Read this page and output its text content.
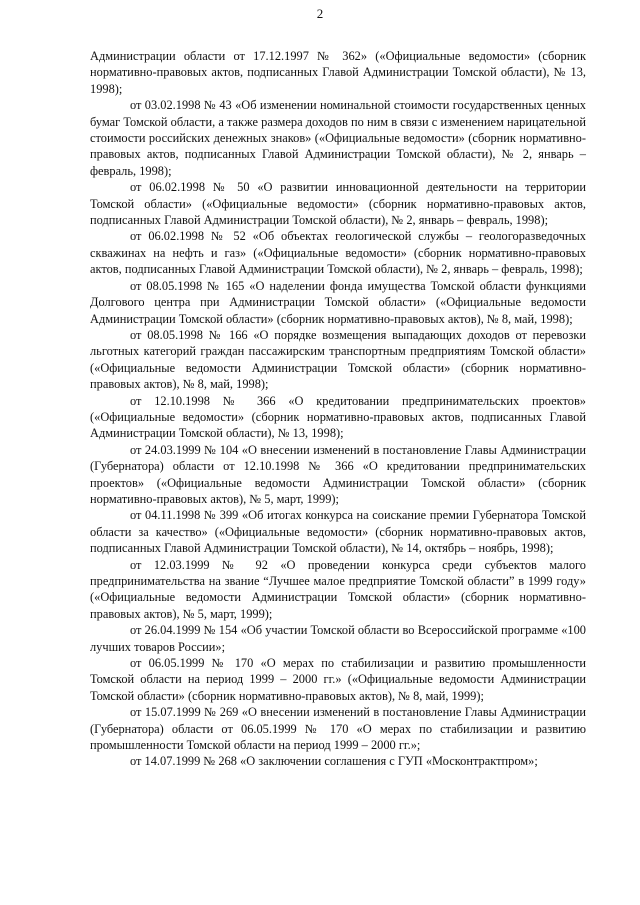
2

Администрации области от 17.12.1997 № 362» («Официальные ведомости» (сборник нормативно-правовых актов, подписанных Главой Администрации Томской области), № 13, 1998);

от 03.02.1998 № 43 «Об изменении номинальной стоимости государственных ценных бумаг Томской области, а также размера доходов по ним в связи с изменением нарицательной стоимости российских денежных знаков» («Официальные ведомости» (сборник нормативно-правовых актов, подписанных Главой Администрации Томской области), № 2, январь – февраль, 1998);

от 06.02.1998 № 50 «О развитии инновационной деятельности на территории Томской области» («Официальные ведомости» (сборник нормативно-правовых актов, подписанных Главой Администрации Томской области), № 2, январь – февраль, 1998);

от 06.02.1998 № 52 «Об объектах геологической службы – геологоразведочных скважинах на нефть и газ» («Официальные ведомости» (сборник нормативно-правовых актов, подписанных Главой Администрации Томской области), № 2, январь – февраль, 1998);

от 08.05.1998 № 165 «О наделении фонда имущества Томской области функциями Долгового центра при Администрации Томской области» («Официальные ведомости Администрации Томской области» (сборник нормативно-правовых актов), № 8, май, 1998);

от 08.05.1998 № 166 «О порядке возмещения выпадающих доходов от перевозки льготных категорий граждан пассажирским транспортным предприятиям Томской области» («Официальные ведомости Администрации Томской области» (сборник нормативно-правовых актов), № 8, май, 1998);

от 12.10.1998 № 366 «О кредитовании предпринимательских проектов» («Официальные ведомости» (сборник нормативно-правовых актов, подписанных Главой Администрации Томской области), № 13, 1998);

от 24.03.1999 № 104 «О внесении изменений в постановление Главы Администрации (Губернатора) области от 12.10.1998 № 366 «О кредитовании предпринимательских проектов» («Официальные ведомости Администрации Томской области» (сборник нормативно-правовых актов), № 5, март, 1999);

от 04.11.1998 № 399 «Об итогах конкурса на соискание премии Губернатора Томской области за качество» («Официальные ведомости» (сборник нормативно-правовых актов, подписанных Главой Администрации Томской области), № 14, октябрь – ноябрь, 1998);

от 12.03.1999 № 92 «О проведении конкурса среди субъектов малого предпринимательства на звание “Лучшее малое предприятие Томской области” в 1999 году» («Официальные ведомости Администрации Томской области» (сборник нормативно-правовых актов), № 5, март, 1999);

от 26.04.1999 № 154 «Об участии Томской области во Всероссийской программе «100 лучших товаров России»;

от 06.05.1999 № 170 «О мерах по стабилизации и развитию промышленности Томской области на период 1999 – 2000 гг.» («Официальные ведомости Администрации Томской области» (сборник нормативно-правовых актов), № 8, май, 1999);

от 15.07.1999 № 269 «О внесении изменений в постановление Главы Администрации (Губернатора) области от 06.05.1999 № 170 «О мерах по стабилизации и развитию промышленности Томской области на период 1999 – 2000 гг.»;

от 14.07.1999 № 268 «О заключении соглашения с ГУП «Москонтрактпром»;
